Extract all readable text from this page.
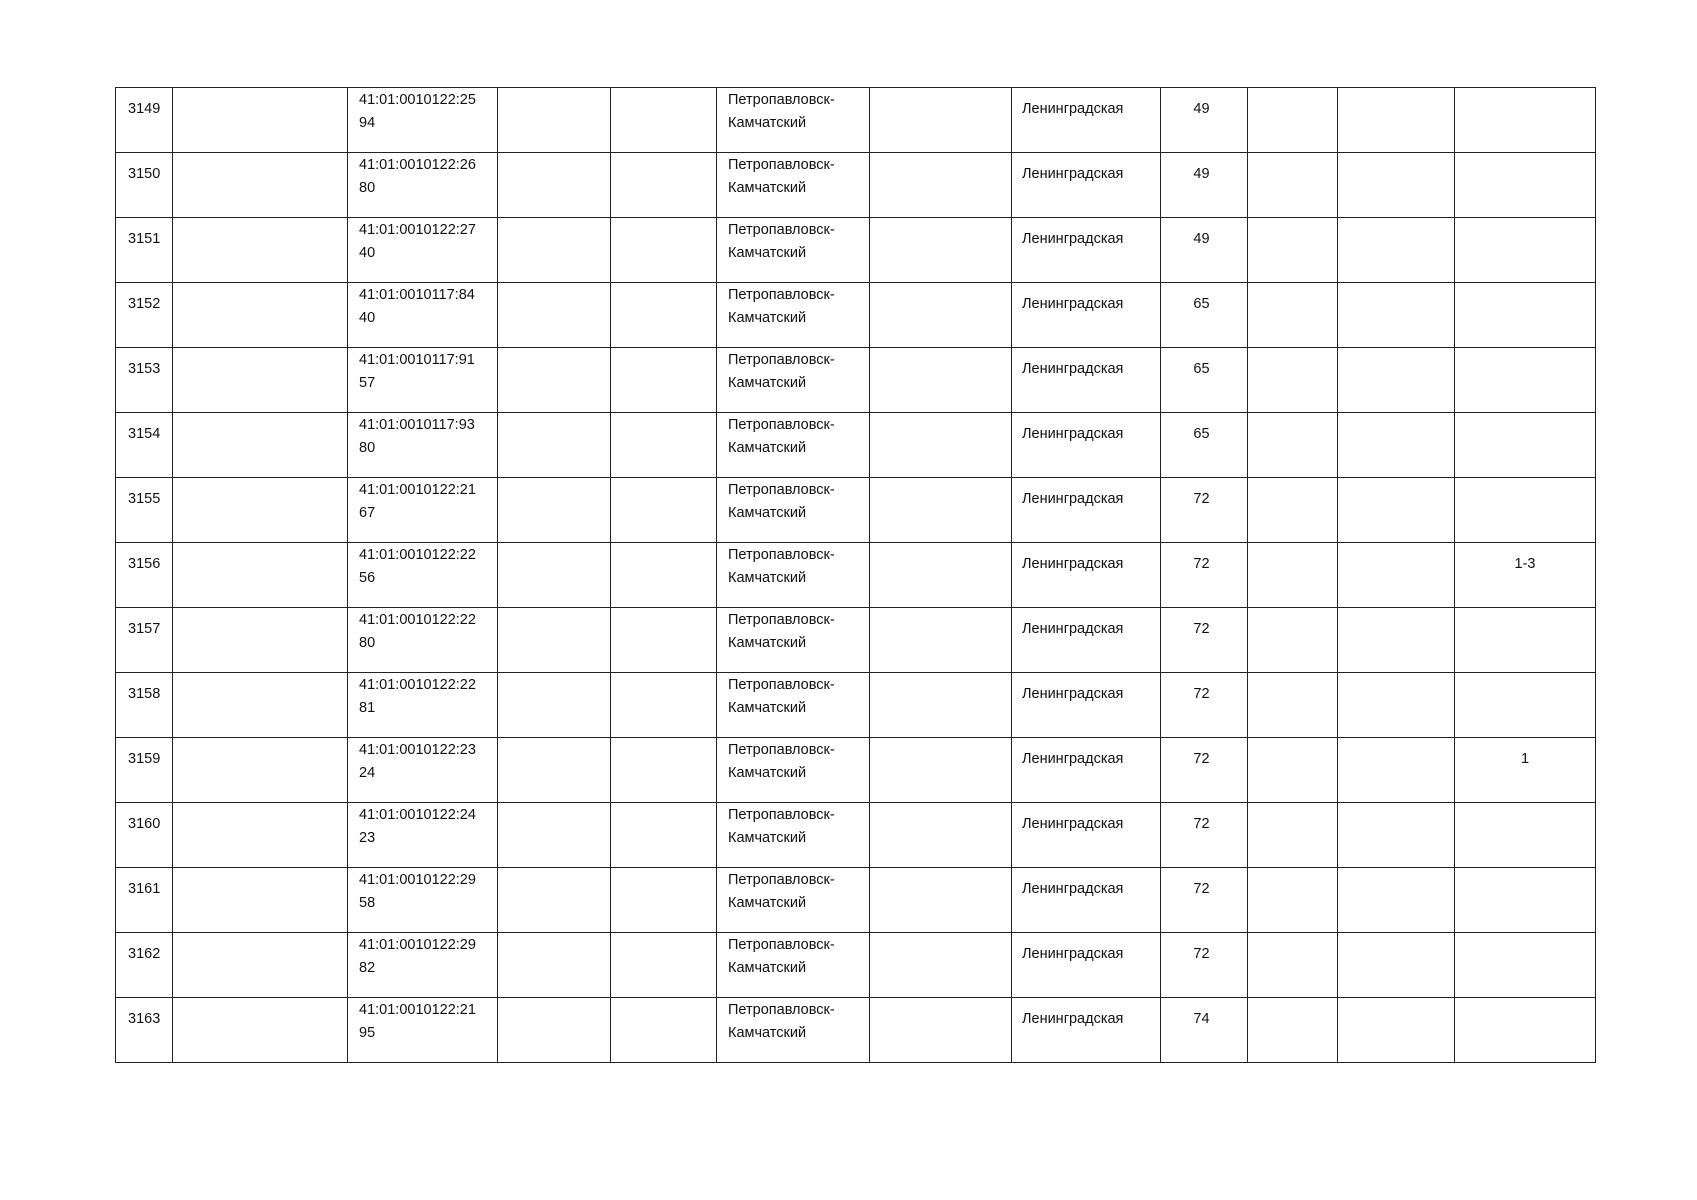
3149		41:01:0010122:25
94			Петропавловск-
Камчатский		Ленинградская	49			

3150		41:01:0010122:26
80			Петропавловск-
Камчатский		Ленинградская	49			

3151		41:01:0010122:27
40			Петропавловск-
Камчатский		Ленинградская	49			

3152		41:01:0010117:84
40			Петропавловск-
Камчатский		Ленинградская	65			

3153		41:01:0010117:91
57			Петропавловск-
Камчатский		Ленинградская	65			

3154		41:01:0010117:93
80			Петропавловск-
Камчатский		Ленинградская	65			

3155		41:01:0010122:21
67			Петропавловск-
Камчатский		Ленинградская	72			

3156		41:01:0010122:22
56			Петропавловск-
Камчатский		Ленинградская	72			1-3

3157		41:01:0010122:22
80			Петропавловск-
Камчатский		Ленинградская	72			

3158		41:01:0010122:22
81			Петропавловск-
Камчатский		Ленинградская	72			

3159		41:01:0010122:23
24			Петропавловск-
Камчатский		Ленинградская	72			1

3160		41:01:0010122:24
23			Петропавловск-
Камчатский		Ленинградская	72			

3161		41:01:0010122:29
58			Петропавловск-
Камчатский		Ленинградская	72			

3162		41:01:0010122:29
82			Петропавловск-
Камчатский		Ленинградская	72			

3163		41:01:0010122:21
95			Петропавловск-
Камчатский		Ленинградская	74			
